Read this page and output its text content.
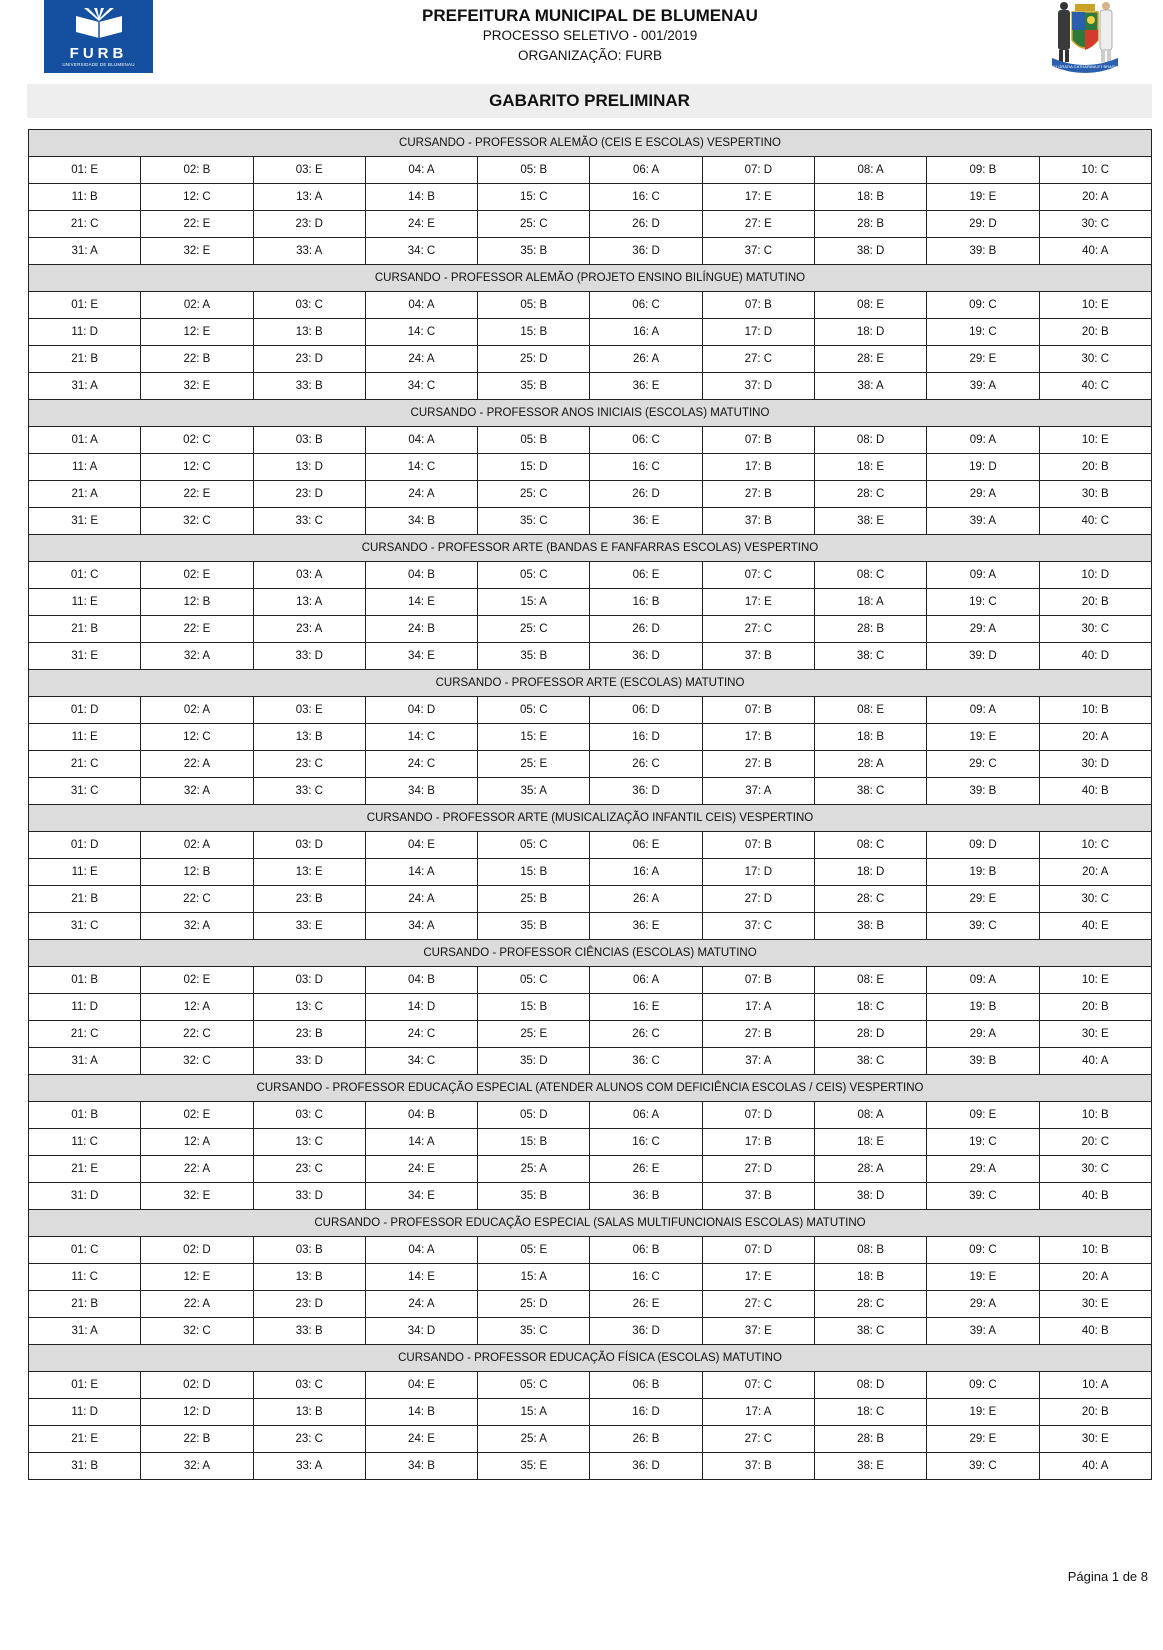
FURB
UNIVERSIDADE DE BLUMENAU
PREFEITURA MUNICIPAL DE BLUMENAU
PROCESSO SELETIVO - 001/2019
ORGANIZAÇÃO: FURB
PRO GRATIA CATHARINA ET BRASILIA
GABARITO PRELIMINAR
CURSANDO - PROFESSOR ALEMÃO (CEIS E ESCOLAS) VESPERTINO									
01: E	02: B	03: E	04: A	05: B	06: A	07: D	08: A	09: B	10: C
11: B	12: C	13: A	14: B	15: C	16: C	17: E	18: B	19: E	20: A
21: C	22: E	23: D	24: E	25: C	26: D	27: E	28: B	29: D	30: C
31: A	32: E	33: A	34: C	35: B	36: D	37: C	38: D	39: B	40: A
CURSANDO - PROFESSOR ALEMÃO (PROJETO ENSINO BILÍNGUE) MATUTINO									
01: E	02: A	03: C	04: A	05: B	06: C	07: B	08: E	09: C	10: E
11: D	12: E	13: B	14: C	15: B	16: A	17: D	18: D	19: C	20: B
21: B	22: B	23: D	24: A	25: D	26: A	27: C	28: E	29: E	30: C
31: A	32: E	33: B	34: C	35: B	36: E	37: D	38: A	39: A	40: C
CURSANDO - PROFESSOR ANOS INICIAIS (ESCOLAS) MATUTINO									
01: A	02: C	03: B	04: A	05: B	06: C	07: B	08: D	09: A	10: E
11: A	12: C	13: D	14: C	15: D	16: C	17: B	18: E	19: D	20: B
21: A	22: E	23: D	24: A	25: C	26: D	27: B	28: C	29: A	30: B
31: E	32: C	33: C	34: B	35: C	36: E	37: B	38: E	39: A	40: C
CURSANDO - PROFESSOR ARTE (BANDAS E FANFARRAS ESCOLAS) VESPERTINO									
01: C	02: E	03: A	04: B	05: C	06: E	07: C	08: C	09: A	10: D
11: E	12: B	13: A	14: E	15: A	16: B	17: E	18: A	19: C	20: B
21: B	22: E	23: A	24: B	25: C	26: D	27: C	28: B	29: A	30: C
31: E	32: A	33: D	34: E	35: B	36: D	37: B	38: C	39: D	40: D
CURSANDO - PROFESSOR ARTE (ESCOLAS) MATUTINO									
01: D	02: A	03: E	04: D	05: C	06: D	07: B	08: E	09: A	10: B
11: E	12: C	13: B	14: C	15: E	16: D	17: B	18: B	19: E	20: A
21: C	22: A	23: C	24: C	25: E	26: C	27: B	28: A	29: C	30: D
31: C	32: A	33: C	34: B	35: A	36: D	37: A	38: C	39: B	40: B
CURSANDO - PROFESSOR ARTE (MUSICALIZAÇÃO INFANTIL CEIS) VESPERTINO									
01: D	02: A	03: D	04: E	05: C	06: E	07: B	08: C	09: D	10: C
11: E	12: B	13: E	14: A	15: B	16: A	17: D	18: D	19: B	20: A
21: B	22: C	23: B	24: A	25: B	26: A	27: D	28: C	29: E	30: C
31: C	32: A	33: E	34: A	35: B	36: E	37: C	38: B	39: C	40: E
CURSANDO - PROFESSOR CIÊNCIAS (ESCOLAS) MATUTINO									
01: B	02: E	03: D	04: B	05: C	06: A	07: B	08: E	09: A	10: E
11: D	12: A	13: C	14: D	15: B	16: E	17: A	18: C	19: B	20: B
21: C	22: C	23: B	24: C	25: E	26: C	27: B	28: D	29: A	30: E
31: A	32: C	33: D	34: C	35: D	36: C	37: A	38: C	39: B	40: A
CURSANDO - PROFESSOR EDUCAÇÃO ESPECIAL (ATENDER ALUNOS COM DEFICIÊNCIA ESCOLAS / CEIS) VESPERTINO									
01: B	02: E	03: C	04: B	05: D	06: A	07: D	08: A	09: E	10: B
11: C	12: A	13: C	14: A	15: B	16: C	17: B	18: E	19: C	20: C
21: E	22: A	23: C	24: E	25: A	26: E	27: D	28: A	29: A	30: C
31: D	32: E	33: D	34: E	35: B	36: B	37: B	38: D	39: C	40: B
CURSANDO - PROFESSOR EDUCAÇÃO ESPECIAL (SALAS MULTIFUNCIONAIS ESCOLAS) MATUTINO									
01: C	02: D	03: B	04: A	05: E	06: B	07: D	08: B	09: C	10: B
11: C	12: E	13: B	14: E	15: A	16: C	17: E	18: B	19: E	20: A
21: B	22: A	23: D	24: A	25: D	26: E	27: C	28: C	29: A	30: E
31: A	32: C	33: B	34: D	35: C	36: D	37: E	38: C	39: A	40: B
CURSANDO - PROFESSOR EDUCAÇÃO FÍSICA (ESCOLAS) MATUTINO									
01: E	02: D	03: C	04: E	05: C	06: B	07: C	08: D	09: C	10: A
11: D	12: D	13: B	14: B	15: A	16: D	17: A	18: C	19: E	20: B
21: E	22: B	23: C	24: E	25: A	26: B	27: C	28: B	29: E	30: E
31: B	32: A	33: A	34: B	35: E	36: D	37: B	38: E	39: C	40: A
Página 1 de 8
